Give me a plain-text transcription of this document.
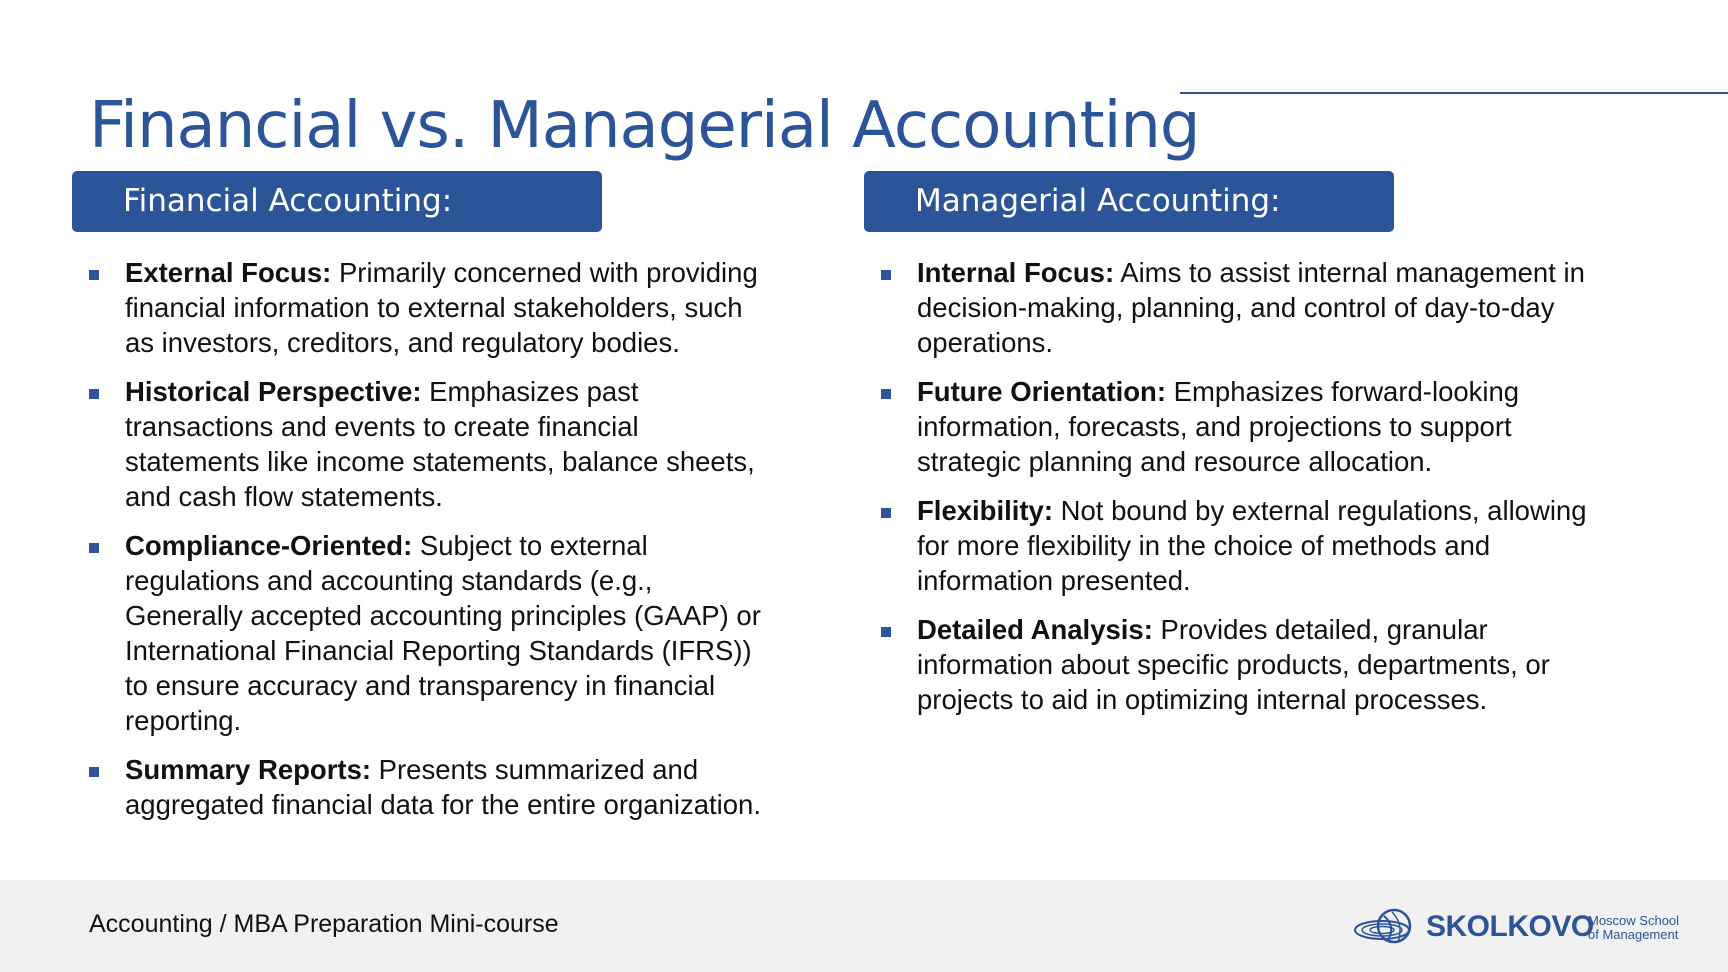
Financial vs. Managerial Accounting
Financial Accounting:	Managerial Accounting:
External Focus: Primarily concerned with providing financial information to external stakeholders, such as investors, creditors, and regulatory bodies.
Historical Perspective: Emphasizes past transactions and events to create financial statements like income statements, balance sheets, and cash flow statements.
Compliance-Oriented: Subject to external regulations and accounting standards (e.g., Generally accepted accounting principles (GAAP) or International Financial Reporting Standards (IFRS)) to ensure accuracy and transparency in financial reporting.
Summary Reports: Presents summarized and aggregated financial data for the entire organization.
Internal Focus: Aims to assist internal management in decision-making, planning, and control of day-to-day operations.
Future Orientation: Emphasizes forward-looking information, forecasts, and projections to support strategic planning and resource allocation.
Flexibility: Not bound by external regulations, allowing for more flexibility in the choice of methods and information presented.
Detailed Analysis: Provides detailed, granular information about specific products, departments, or projects to aid in optimizing internal processes.
Accounting / MBA Preparation Mini-course	SKOLKOVO
Moscow School
of Management
